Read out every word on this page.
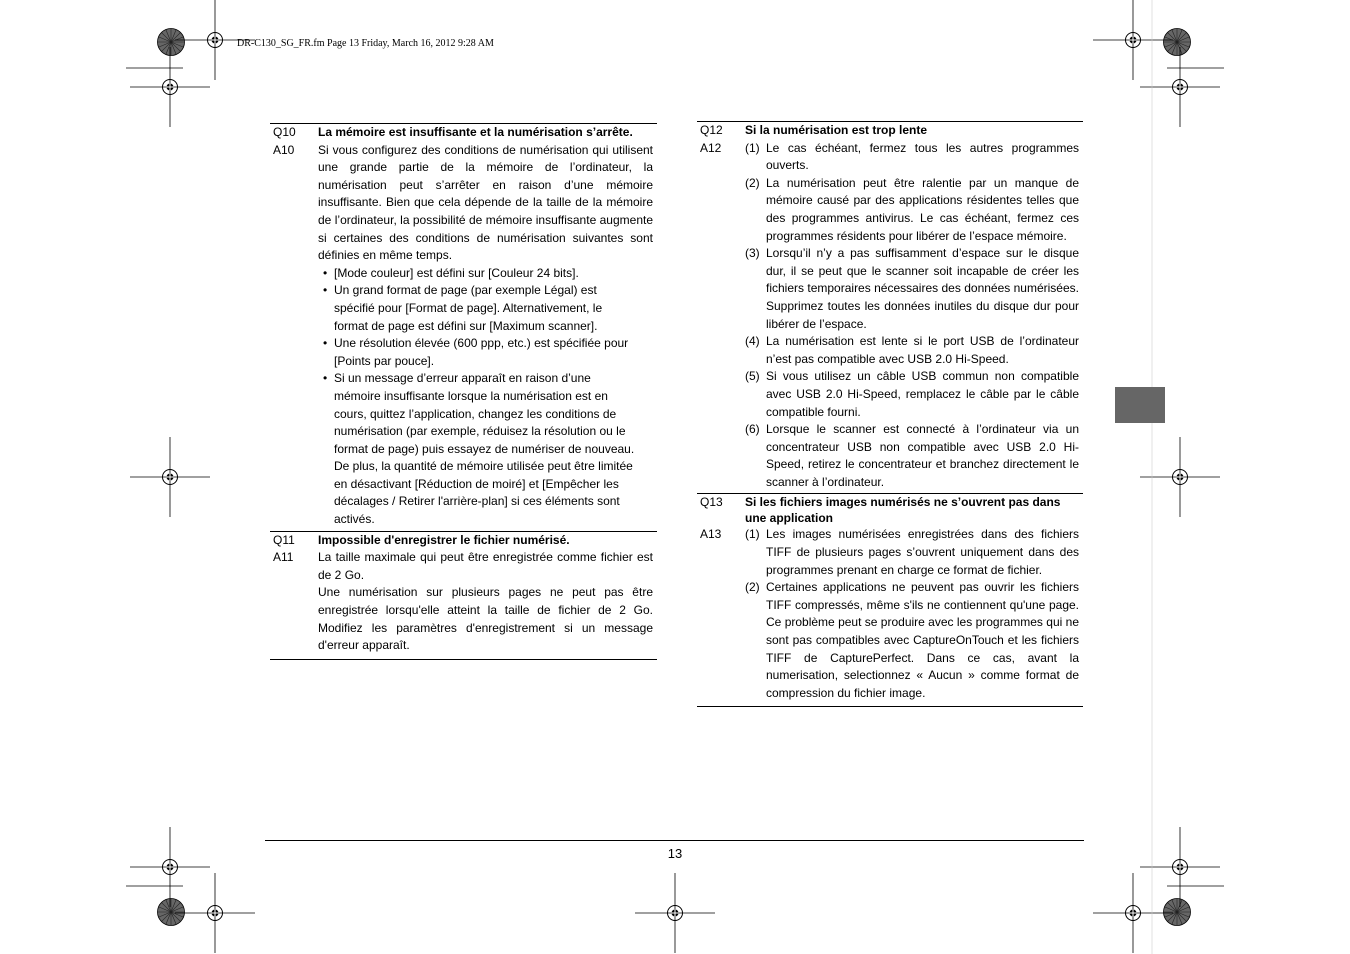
DR-C130_SG_FR.fm Page 13 Friday, March 16, 2012 9:28 AM
Q10	La mémoire est insuffisante et la numérisation s’arrête.
A10	Si vous configurez des conditions de numérisation qui utilisent une grande partie de la mémoire de l’ordinateur, la numérisation peut s’arrêter en raison d’une mémoire insuffisante. Bien que cela dépende de la taille de la mémoire de l’ordinateur, la possibilité de mémoire insuffisante augmente si certaines des conditions de numérisation suivantes sont définies en même temps.

• [Mode couleur] est défini sur [Couleur 24 bits].
• Un grand format de page (par exemple Légal) est spécifié pour [Format de page]. Alternativement, le format de page est défini sur [Maximum scanner].
• Une résolution élevée (600 ppp, etc.) est spécifiée pour [Points par pouce].
• Si un message d’erreur apparaît en raison d’une mémoire insuffisante lorsque la numérisation est en cours, quittez l’application, changez les conditions de numérisation (par exemple, réduisez la résolution ou le format de page) puis essayez de numériser de nouveau. De plus, la quantité de mémoire utilisée peut être limitée en désactivant [Réduction de moiré] et [Empêcher les décalages / Retirer l'arrière-plan] si ces éléments sont activés.
Q11	Impossible d'enregistrer le fichier numérisé.
A11	La taille maximale qui peut être enregistrée comme fichier est de 2 Go.

Une numérisation sur plusieurs pages ne peut pas être enregistrée lorsqu'elle atteint la taille de fichier de 2 Go. Modifiez les paramètres d'enregistrement si un message d'erreur apparaît.

Q12	Si la numérisation est trop lente
A12	(1) Le cas échéant, fermez tous les autres programmes ouverts.
(2) La numérisation peut être ralentie par un manque de mémoire causé par des applications résidentes telles que des programmes antivirus. Le cas échéant, fermez ces programmes résidents pour libérer de l’espace mémoire.
(3) Lorsqu’il n’y a pas suffisamment d’espace sur le disque dur, il se peut que le scanner soit incapable de créer les fichiers temporaires nécessaires des données numérisées. Supprimez toutes les données inutiles du disque dur pour libérer de l’espace.
(4) La numérisation est lente si le port USB de l’ordinateur n’est pas compatible avec USB 2.0 Hi-Speed.
(5) Si vous utilisez un câble USB commun non compatible avec USB 2.0 Hi-Speed, remplacez le câble par le câble compatible fourni.
(6) Lorsque le scanner est connecté à l’ordinateur via un concentrateur USB non compatible avec USB 2.0 Hi-Speed, retirez le concentrateur et branchez directement le scanner à l’ordinateur.
Q13	Si les fichiers images numérisés ne s’ouvrent pas dans une application
A13	(1) Les images numérisées enregistrées dans des fichiers TIFF de plusieurs pages s’ouvrent uniquement dans des programmes prenant en charge ce format de fichier.
(2) Certaines applications ne peuvent pas ouvrir les fichiers TIFF compressés, même s'ils ne contiennent qu'une page. Ce problème peut se produire avec les programmes qui ne sont pas compatibles avec CaptureOnTouch et les fichiers TIFF de CapturePerfect. Dans ce cas, avant la numerisation, selectionnez « Aucun » comme format de compression du fichier image.
13
